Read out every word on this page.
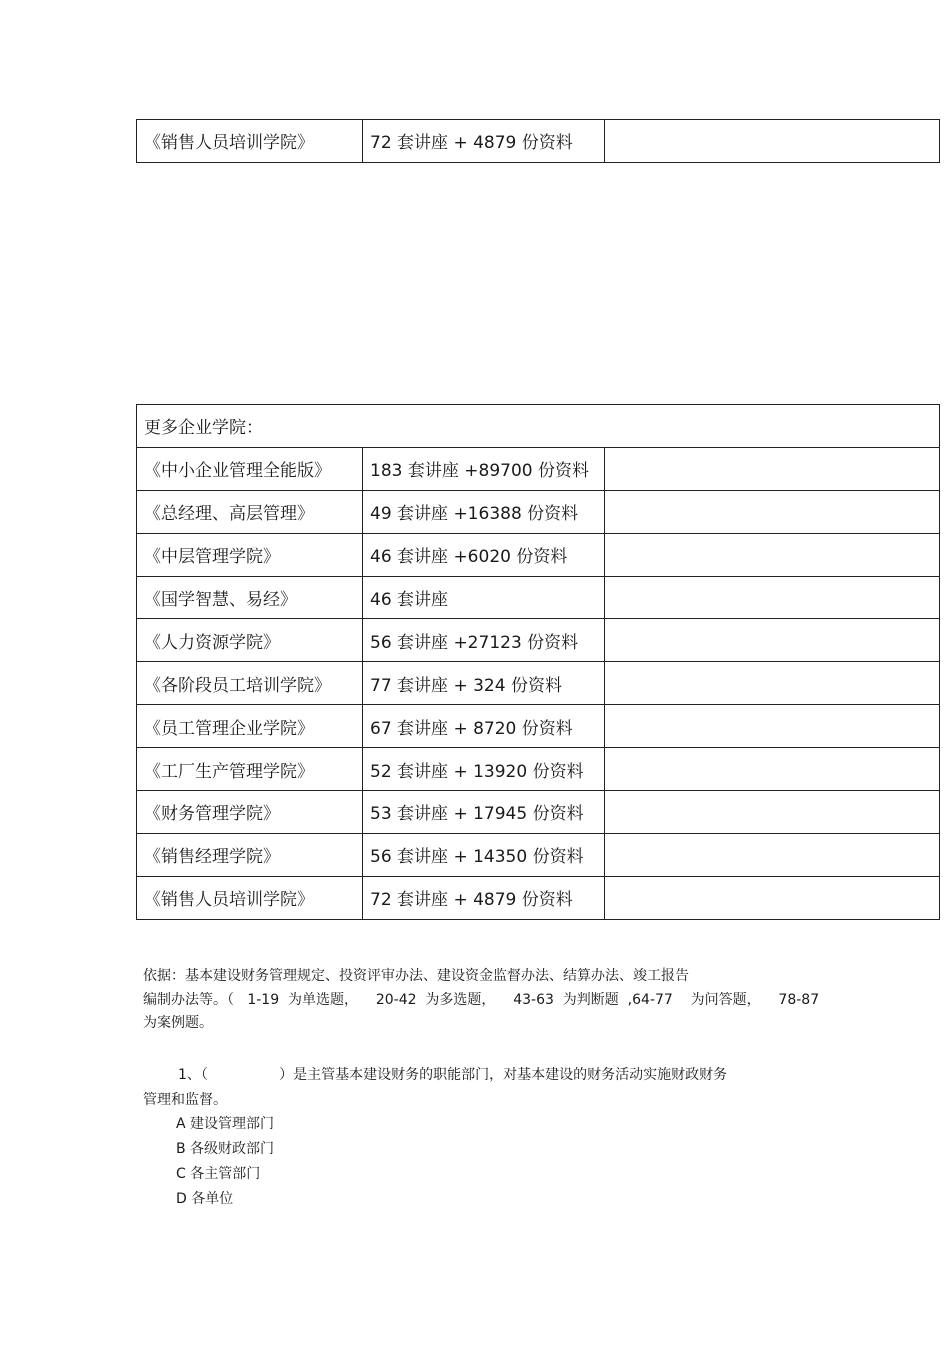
《销售人员培训学院》	72 套讲座 + 4879 份资料	
更多企业学院：		
《中小企业管理全能版》	183 套讲座 +89700 份资料	
《总经理、高层管理》	49 套讲座 +16388 份资料	
《中层管理学院》	46 套讲座 +6020 份资料	
《国学智慧、易经》	46 套讲座	
《人力资源学院》	56 套讲座 +27123 份资料	
《各阶段员工培训学院》	77 套讲座 + 324 份资料	
《员工管理企业学院》	67 套讲座 + 8720 份资料	
《工厂生产管理学院》	52 套讲座 + 13920 份资料	
《财务管理学院》	53 套讲座 + 17945 份资料	
《销售经理学院》	56 套讲座 + 14350 份资料	
《销售人员培训学院》	72 套讲座 + 4879 份资料	

依据：基本建设财务管理规定、投资评审办法、建设资金监督办法、结算办法、竣工报告

编制办法等。（   1-19  为单选题，    20-42  为多选题，    43-63  为判断题  ,64-77    为问答题，    78-87

为案例题。

1、（                ）是主管基本建设财务的职能部门，对基本建设的财务活动实施财政财务
管理和监督。
A 建设管理部门
B 各级财政部门
C 各主管部门
D 各单位
